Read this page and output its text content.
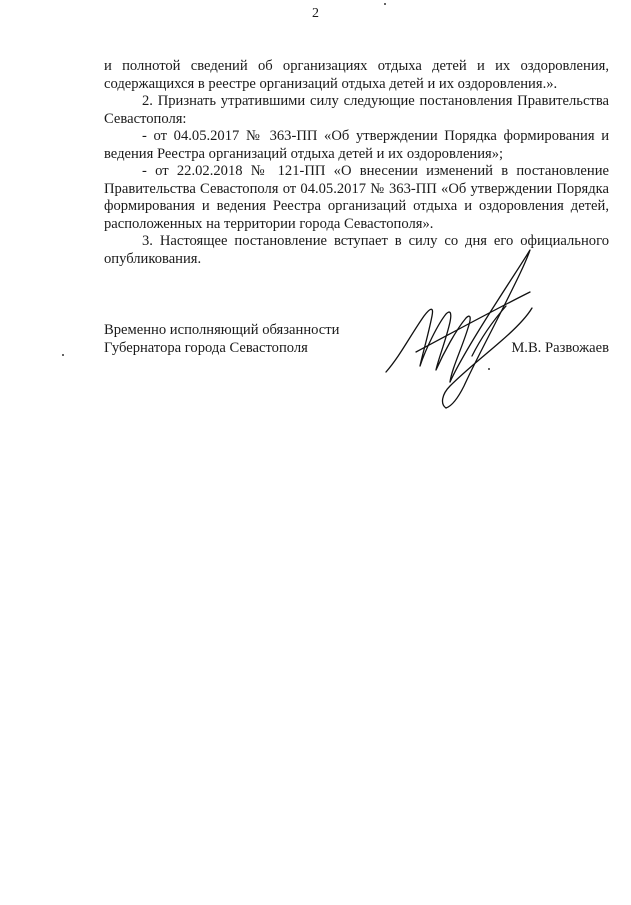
2

и полнотой сведений об организациях отдыха детей и их оздоровления, содержащихся в реестре организаций отдыха детей и их оздоровления.».

2. Признать утратившими силу следующие постановления Правительства Севастополя:

- от 04.05.2017 № 363-ПП «Об утверждении Порядка формирования и ведения Реестра организаций отдыха детей и их оздоровления»;

- от 22.02.2018 № 121-ПП «О внесении изменений в постановление Правительства Севастополя от 04.05.2017 № 363-ПП «Об утверждении Порядка формирования и ведения Реестра организаций отдыха и оздоровления детей, расположенных на территории города Севастополя».

3. Настоящее постановление вступает в силу со дня его официального опубликования.

Временно исполняющий обязанности

Губернатора города Севастополя	М.В. Развожаев
